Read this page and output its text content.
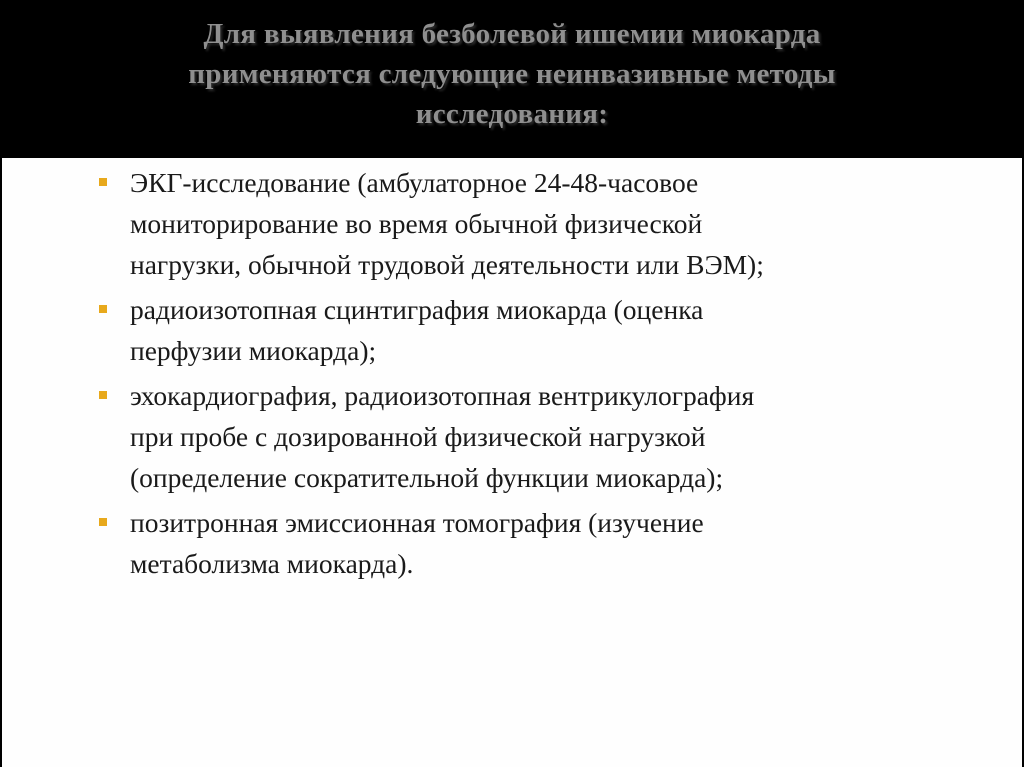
Для выявления безболевой ишемии миокарда
применяются следующие неинвазивные методы
исследования:
ЭКГ-исследование (амбулаторное 24-48-часовое
мониторирование во время обычной физической
нагрузки, обычной трудовой деятельности или ВЭМ);
радиоизотопная сцинтиграфия миокарда (оценка
перфузии миокарда);
эхокардиография, радиоизотопная вентрикулография
при пробе с дозированной физической нагрузкой
(определение сократительной функции миокарда);
позитронная эмиссионная томография (изучение
метаболизма миокарда).
